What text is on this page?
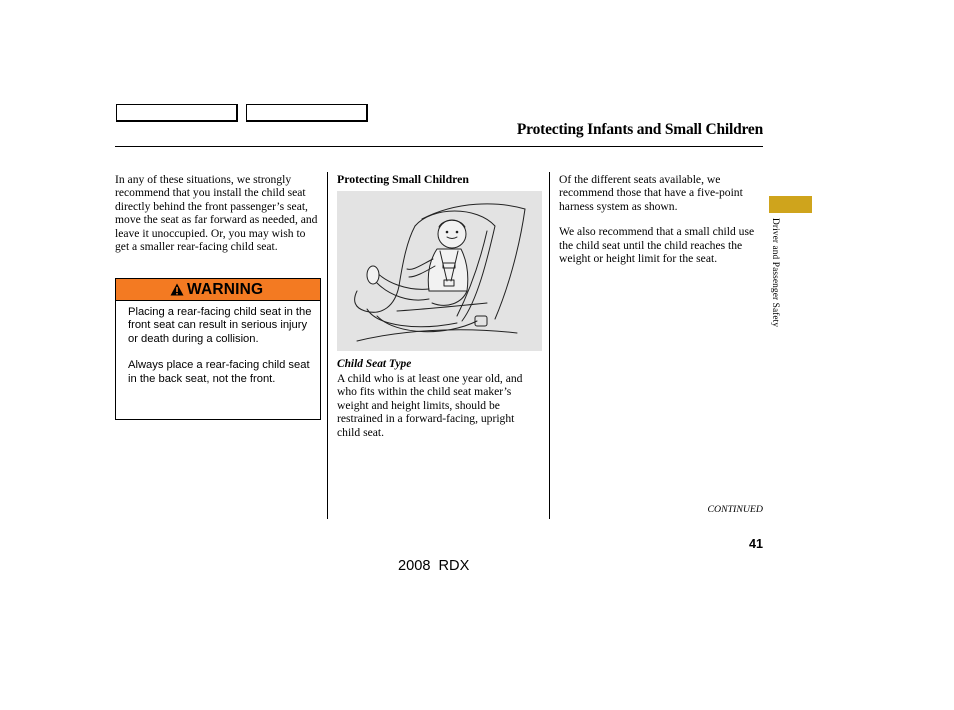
Protecting Infants and Small Children

In any of these situations, we strongly recommend that you install the child seat directly behind the front passenger’s seat, move the seat as far forward as needed, and leave it unoccupied. Or, you may wish to get a smaller rear-facing child seat.

WARNING

Placing a rear-facing child seat in the front seat can result in serious injury or death during a collision.

Always place a rear-facing child seat in the back seat, not the front.

Protecting Small Children
Child Seat Type

A child who is at least one year old, and who fits within the child seat maker’s weight and height limits, should be restrained in a forward-facing, upright child seat.

Of the different seats available, we recommend those that have a five-point harness system as shown.

We also recommend that a small child use the child seat until the child reaches the weight or height limit for the seat.	Driver and Passenger Safety
CONTINUED
41
2008 RDX
